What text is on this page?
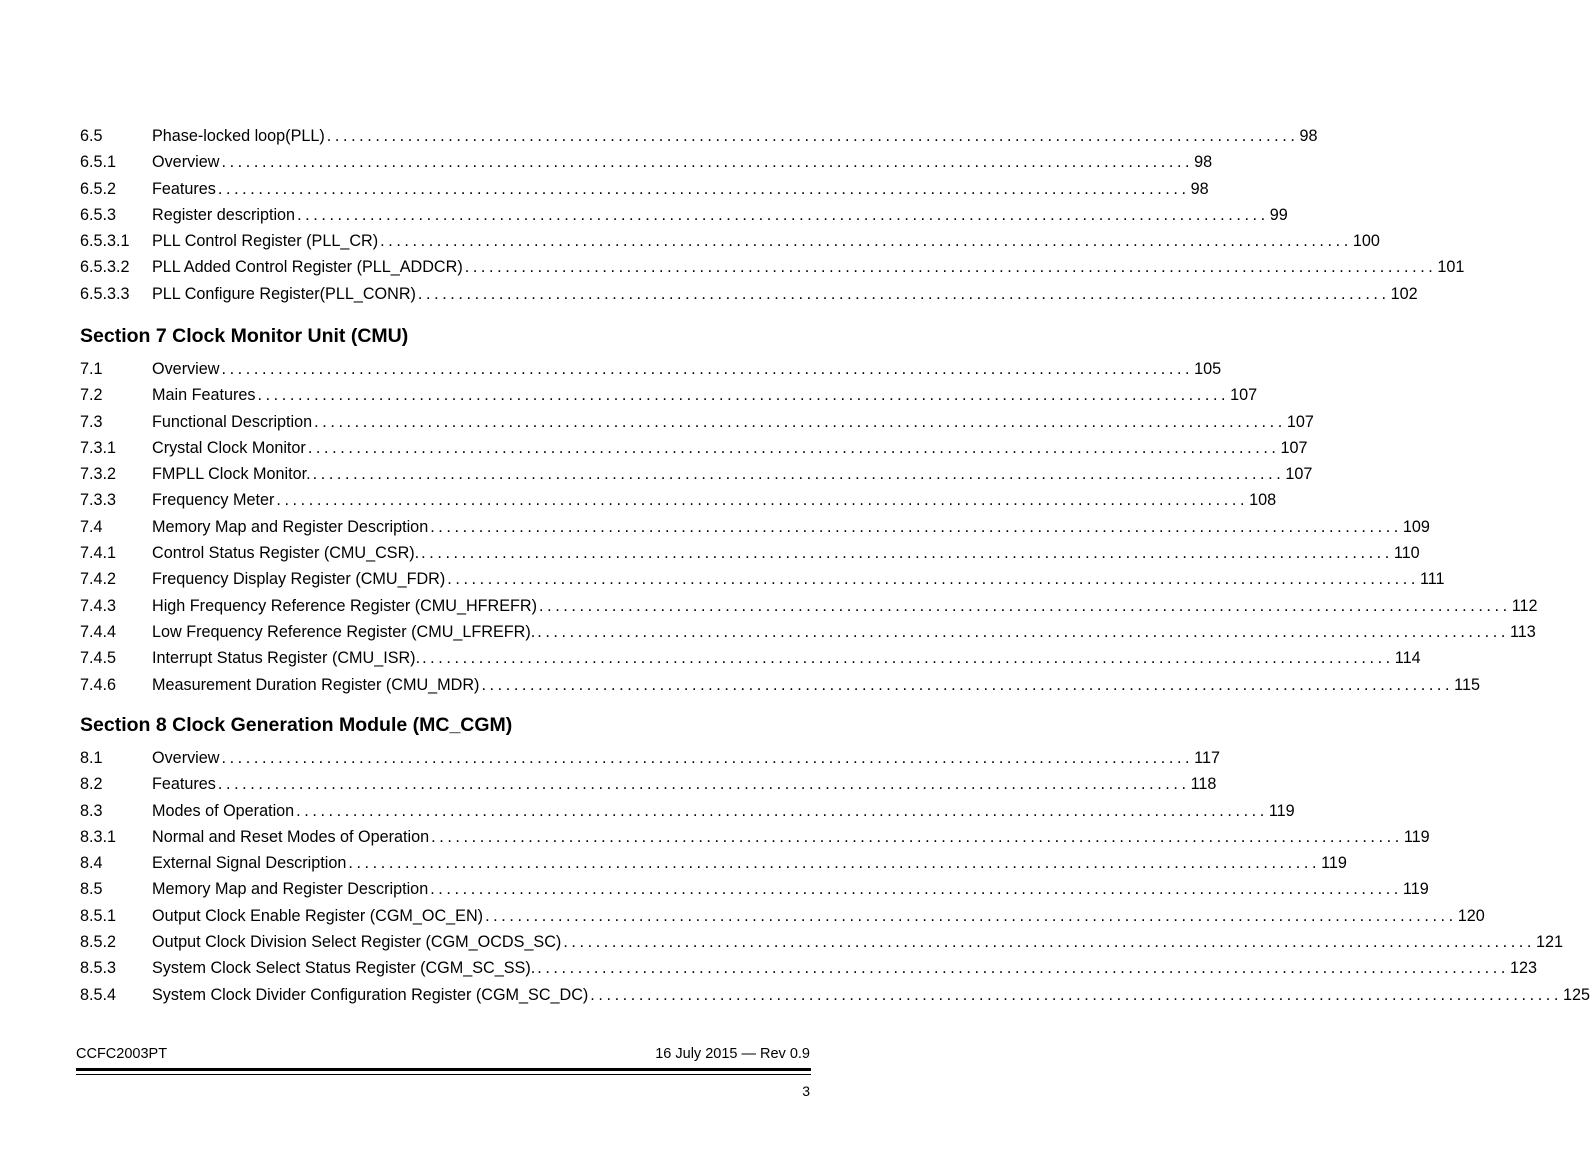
6.5	Phase-locked loop(PLL) ........................................................................................................................ 98
6.5.1 Overview ........................................................................................................................ 98
6.5.2 Features ........................................................................................................................ 98
6.5.3 Register description ........................................................................................................................ 99
6.5.3.1 PLL Control Register (PLL_CR) ........................................................................................................................ 100
6.5.3.2 PLL Added Control Register (PLL_ADDCR) ........................................................................................................................ 101
6.5.3.3 PLL Configure Register(PLL_CONR) ........................................................................................................................ 102
Section 7 Clock Monitor Unit (CMU)
7.1	Overview ........................................................................................................................ 105
7.2	Main Features ........................................................................................................................ 107
7.3	Functional Description ........................................................................................................................ 107
7.3.1 Crystal Clock Monitor ........................................................................................................................ 107
7.3.2 FMPLL Clock Monitor. ........................................................................................................................ 107
7.3.3 Frequency Meter ........................................................................................................................ 108
7.4	Memory Map and Register Description ........................................................................................................................ 109
7.4.1 Control Status Register (CMU_CSR). ........................................................................................................................ 110
7.4.2 Frequency Display Register (CMU_FDR) ........................................................................................................................ 111
7.4.3 High Frequency Reference Register (CMU_HFREFR) ........................................................................................................................ 112
7.4.4 Low Frequency Reference Register (CMU_LFREFR). ........................................................................................................................ 113
7.4.5 Interrupt Status Register (CMU_ISR). ........................................................................................................................ 114
7.4.6 Measurement Duration Register (CMU_MDR) ........................................................................................................................ 115
Section 8 Clock Generation Module (MC_CGM)
8.1	Overview ........................................................................................................................ 117
8.2	Features ........................................................................................................................ 118
8.3	Modes of Operation ........................................................................................................................ 119
8.3.1 Normal and Reset Modes of Operation ........................................................................................................................ 119
8.4	External Signal Description ........................................................................................................................ 119
8.5	Memory Map and Register Description ........................................................................................................................ 119
8.5.1 Output Clock Enable Register (CGM_OC_EN) ........................................................................................................................ 120
8.5.2 Output Clock Division Select Register (CGM_OCDS_SC) ........................................................................................................................ 121
8.5.3 System Clock Select Status Register (CGM_SC_SS). ........................................................................................................................ 123
8.5.4 System Clock Divider Configuration Register (CGM_SC_DC) ........................................................................................................................ 125
CCFC2003PT	16 July 2015 — Rev 0.9
3
